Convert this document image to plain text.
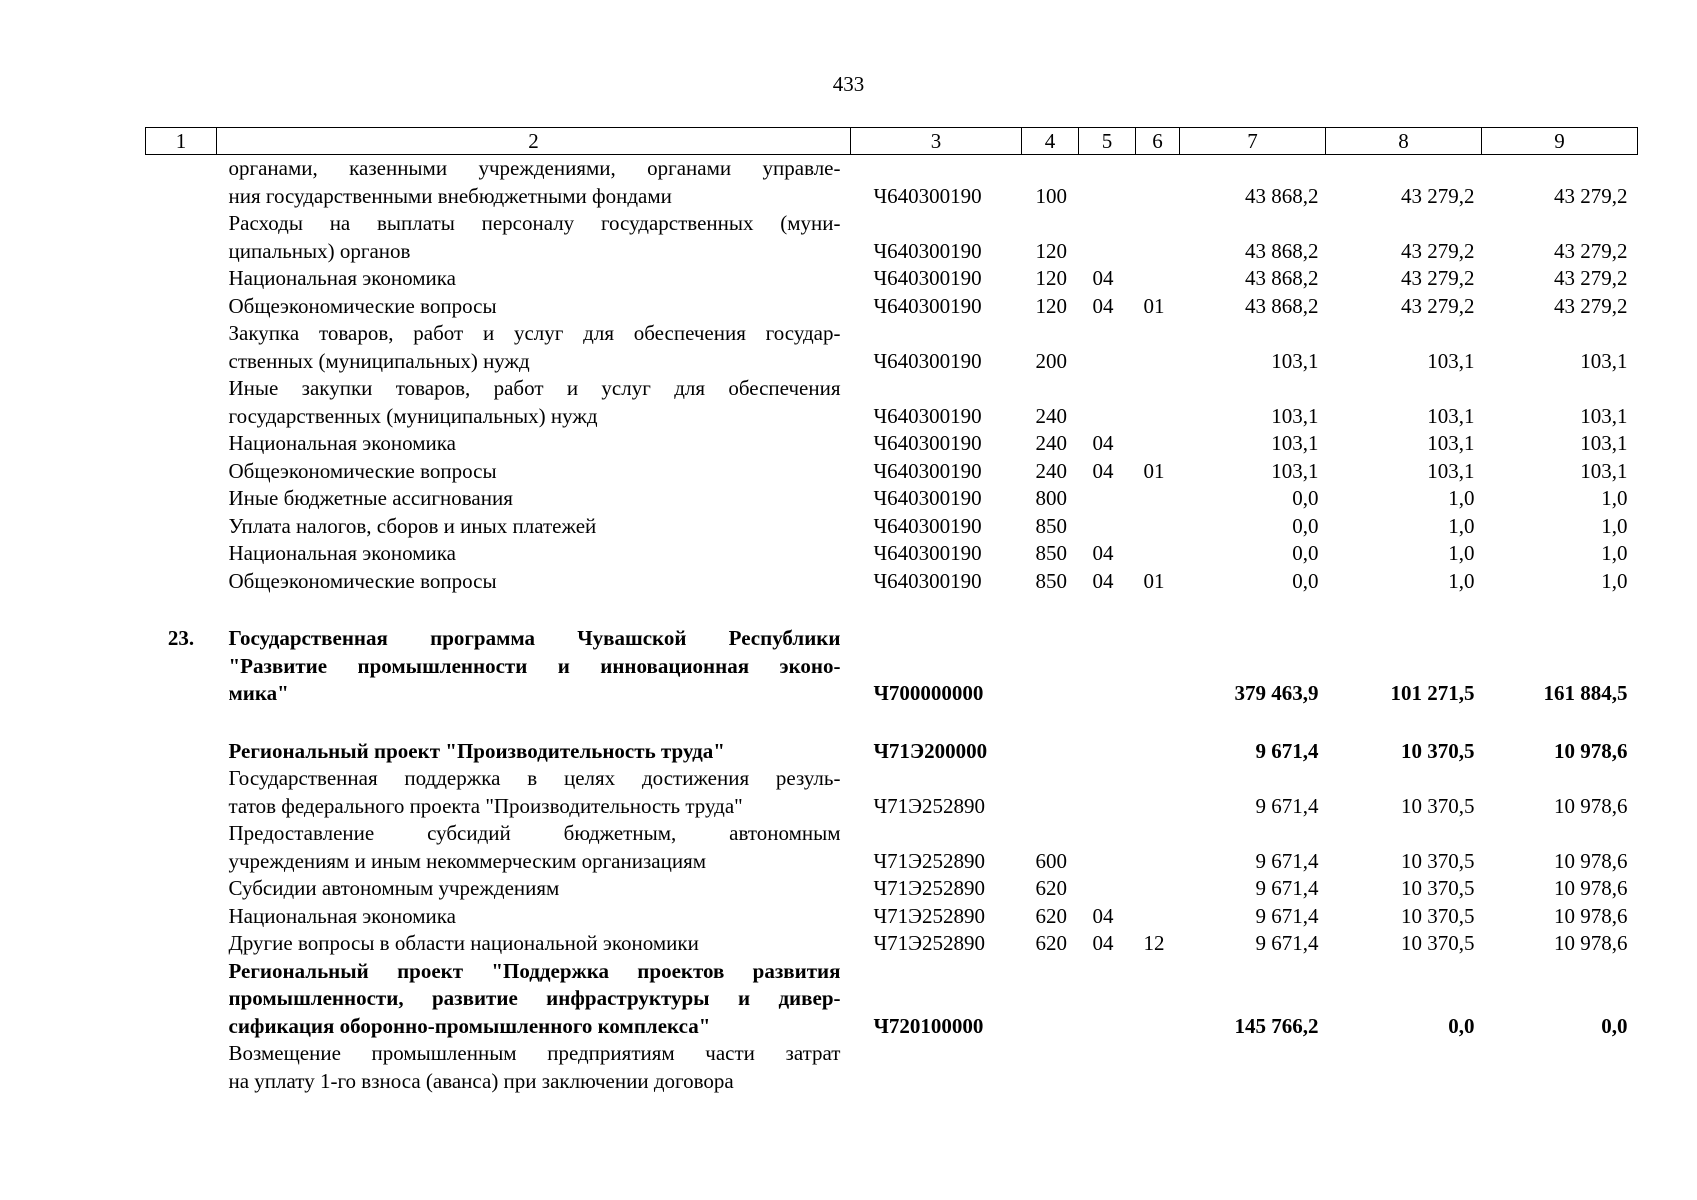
433
1	2	3	4	5	6	7	8	9

	органами, казенными учреждениями, органами управле-
ния государственными внебюджетными фондами	Ч640300190	100			43 868,2	43 279,2	43 279,2

	Расходы на выплаты персоналу государственных (муни-
ципальных) органов	Ч640300190	120			43 868,2	43 279,2	43 279,2

	Национальная экономика	Ч640300190	120	04		43 868,2	43 279,2	43 279,2

	Общеэкономические вопросы	Ч640300190	120	04	01	43 868,2	43 279,2	43 279,2

	Закупка товаров, работ и услуг для обеспечения государ-
ственных (муниципальных) нужд	Ч640300190	200			103,1	103,1	103,1

	Иные закупки товаров, работ и услуг для обеспечения
государственных (муниципальных) нужд	Ч640300190	240			103,1	103,1	103,1

	Национальная экономика	Ч640300190	240	04		103,1	103,1	103,1

	Общеэкономические вопросы	Ч640300190	240	04	01	103,1	103,1	103,1

	Иные бюджетные ассигнования	Ч640300190	800			0,0	1,0	1,0

	Уплата налогов, сборов и иных платежей	Ч640300190	850			0,0	1,0	1,0

	Национальная экономика	Ч640300190	850	04		0,0	1,0	1,0

	Общеэкономические вопросы	Ч640300190	850	04	01	0,0	1,0	1,0

23.	Государственная программа Чувашской Республики
"Развитие промышленности и инновационная эконо-
мика"	Ч700000000				379 463,9	101 271,5	161 884,5

	Региональный проект "Производительность труда"	Ч71Э200000				9 671,4	10 370,5	10 978,6

	Государственная поддержка в целях достижения резуль-
татов федерального проекта "Производительность труда"	Ч71Э252890				9 671,4	10 370,5	10 978,6

	Предоставление субсидий бюджетным, автономным
учреждениям и иным некоммерческим организациям	Ч71Э252890	600			9 671,4	10 370,5	10 978,6

	Субсидии автономным учреждениям	Ч71Э252890	620			9 671,4	10 370,5	10 978,6

	Национальная экономика	Ч71Э252890	620	04		9 671,4	10 370,5	10 978,6

	Другие вопросы в области национальной экономики	Ч71Э252890	620	04	12	9 671,4	10 370,5	10 978,6

	Региональный проект "Поддержка проектов развития
промышленности, развитие инфраструктуры и дивер-
сификация оборонно-промышленного комплекса"	Ч720100000				145 766,2	0,0	0,0

	Возмещение промышленным предприятиям части затрат
на уплату 1-го взноса (аванса) при заключении договора							
